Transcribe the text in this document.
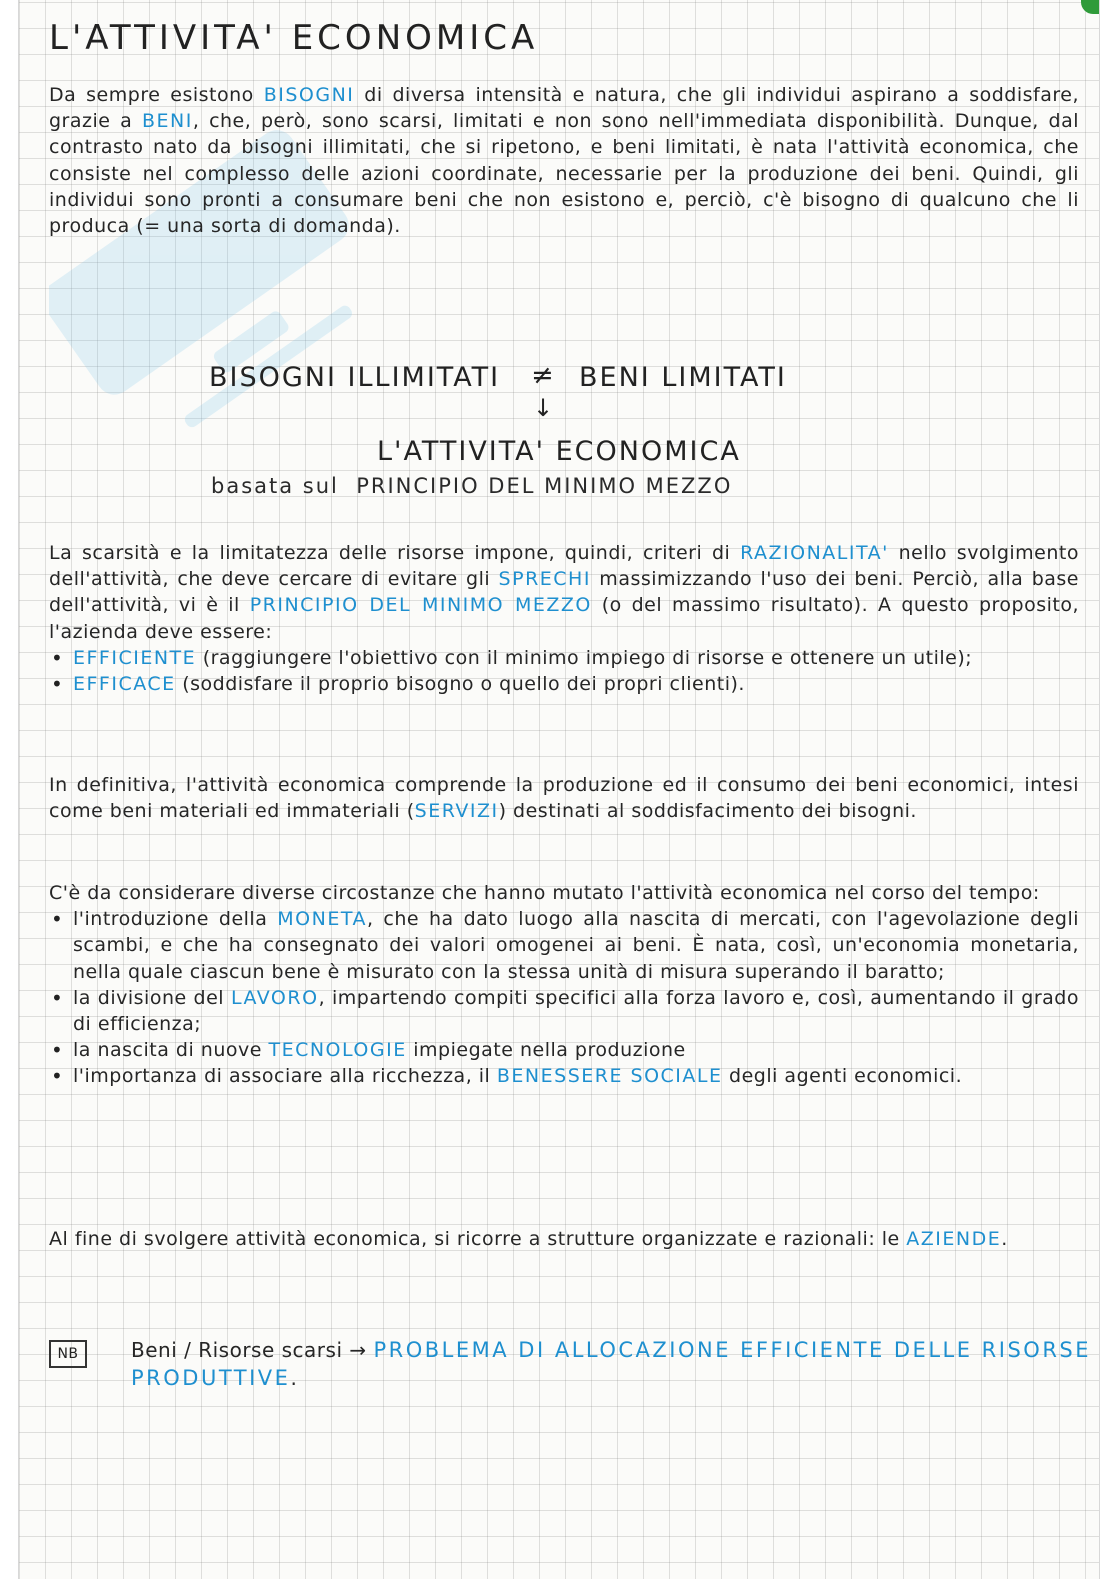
L'ATTIVITA' ECONOMICA
Da sempre esistono BISOGNI di diversa intensità e natura, che gli individui aspirano a soddisfare, grazie a BENI, che, però, sono scarsi, limitati e non sono nell'immediata disponibilità. Dunque, dal contrasto nato da bisogni illimitati, che si ripetono, e beni limitati, è nata l'attività economica, che consiste nel complesso delle azioni coordinate, necessarie per la produzione dei beni. Quindi, gli individui sono pronti a consumare beni che non esistono e, perciò, c'è bisogno di qualcuno che li produca (= una sorta di domanda).
BISOGNI ILLIMITATI ≠ BENI LIMITATI
↓
L'ATTIVITA' ECONOMICA
basata sul PRINCIPIO DEL MINIMO MEZZO
La scarsità e la limitatezza delle risorse impone, quindi, criteri di RAZIONALITA' nello svolgimento dell'attività, che deve cercare di evitare gli SPRECHI massimizzando l'uso dei beni. Perciò, alla base dell'attività, vi è il PRINCIPIO DEL MINIMO MEZZO (o del massimo risultato). A questo proposito, l'azienda deve essere:
• EFFICIENTE (raggiungere l'obiettivo con il minimo impiego di risorse e ottenere un utile);
• EFFICACE (soddisfare il proprio bisogno o quello dei propri clienti).
In definitiva, l'attività economica comprende la produzione ed il consumo dei beni economici, intesi come beni materiali ed immateriali (SERVIZI) destinati al soddisfacimento dei bisogni.
C'è da considerare diverse circostanze che hanno mutato l'attività economica nel corso del tempo:
• l'introduzione della MONETA, che ha dato luogo alla nascita di mercati, con l'agevolazione degli scambi, e che ha consegnato dei valori omogenei ai beni. È nata, così, un'economia monetaria, nella quale ciascun bene è misurato con la stessa unità di misura superando il baratto;
• la divisione del LAVORO, impartendo compiti specifici alla forza lavoro e, così, aumentando il grado di efficienza;
• la nascita di nuove TECNOLOGIE impiegate nella produzione
• l'importanza di associare alla ricchezza, il BENESSERE SOCIALE degli agenti economici.
Al fine di svolgere attività economica, si ricorre a strutture organizzate e razionali: le AZIENDE.
NB	Beni / Risorse scarsi → PROBLEMA DI ALLOCAZIONE EFFICIENTE DELLE RISORSE PRODUTTIVE.
